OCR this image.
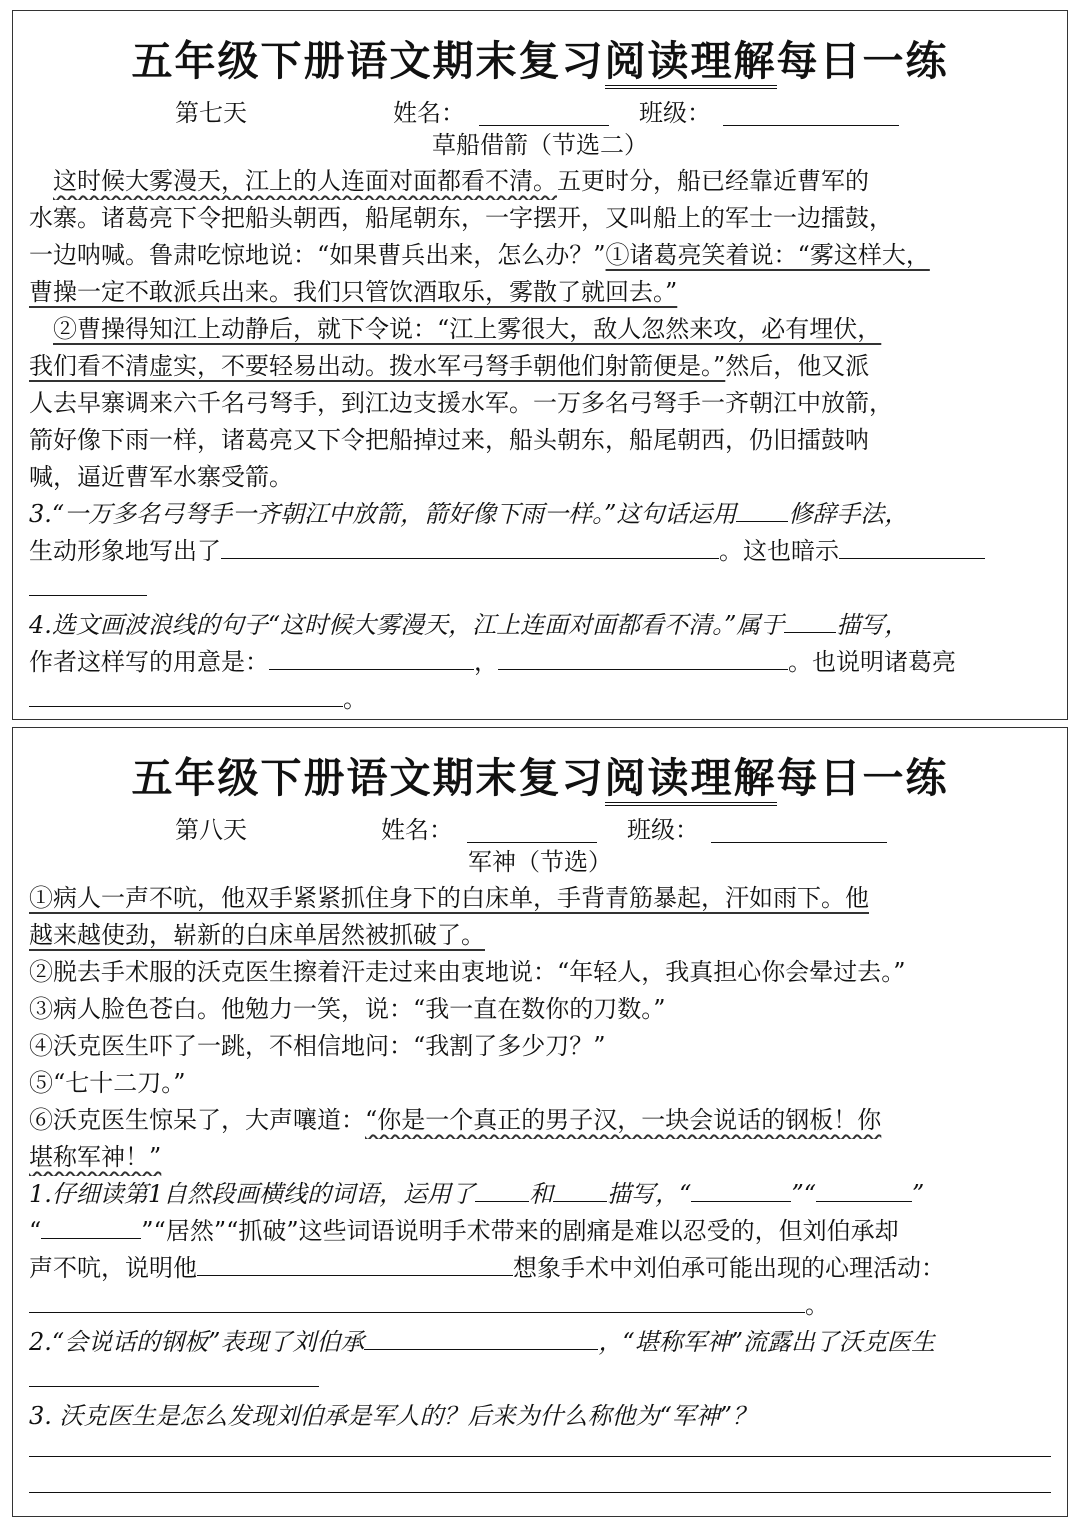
五年级下册语文期末复习阅读理解每日一练
第七天	姓名：	班级：
草船借箭（节选二）
这时候大雾漫天，江上的人连面对面都看不清。五更时分，船已经靠近曹军的
水寨。诸葛亮下令把船头朝西，船尾朝东，一字摆开，又叫船上的军士一边擂鼓，
一边呐喊。鲁肃吃惊地说：“如果曹兵出来，怎么办？”①诸葛亮笑着说：“雾这样大，
曹操一定不敢派兵出来。我们只管饮酒取乐，雾散了就回去。”
②曹操得知江上动静后，就下令说：“江上雾很大，敌人忽然来攻，必有埋伏，
我们看不清虚实，不要轻易出动。拨水军弓弩手朝他们射箭便是。”然后，他又派
人去早寨调来六千名弓弩手，到江边支援水军。一万多名弓弩手一齐朝江中放箭，
箭好像下雨一样，诸葛亮又下令把船掉过来，船头朝东，船尾朝西，仍旧擂鼓呐
喊，逼近曹军水寨受箭。
3.“一万多名弓弩手一齐朝江中放箭，箭好像下雨一样。”这句话运用 修辞手法，
生动形象地写出了	。这也暗示
4.选文画波浪线的句子“这时候大雾漫天，江上连面对面都看不清。”属于 描写，
作者这样写的用意是：	，	。也说明诸葛亮
。
五年级下册语文期末复习阅读理解每日一练
第八天	姓名：	班级：
军神（节选）
①病人一声不吭，他双手紧紧抓住身下的白床单，手背青筋暴起，汗如雨下。他
越来越使劲，崭新的白床单居然被抓破了。
②脱去手术服的沃克医生擦着汗走过来由衷地说：“年轻人，我真担心你会晕过去。”
③病人脸色苍白。他勉力一笑，说：“我一直在数你的刀数。”
④沃克医生吓了一跳，不相信地问：“我割了多少刀？”
⑤“七十二刀。”
⑥沃克医生惊呆了，大声嚷道：“你是一个真正的男子汉，一块会说话的钢板！你
堪称军神！”
1.仔细读第1自然段画横线的词语，运用了 和 描写，“	”“	”
“	”“居然”“抓破”这些词语说明手术带来的剧痛是难以忍受的，但刘伯承却
声不吭，说明他	想象手术中刘伯承可能出现的心理活动：
。
2.“会说话的钢板”表现了刘伯承	，“堪称军神”流露出了沃克医生
3. 沃克医生是怎么发现刘伯承是军人的？后来为什么称他为“军神”？
